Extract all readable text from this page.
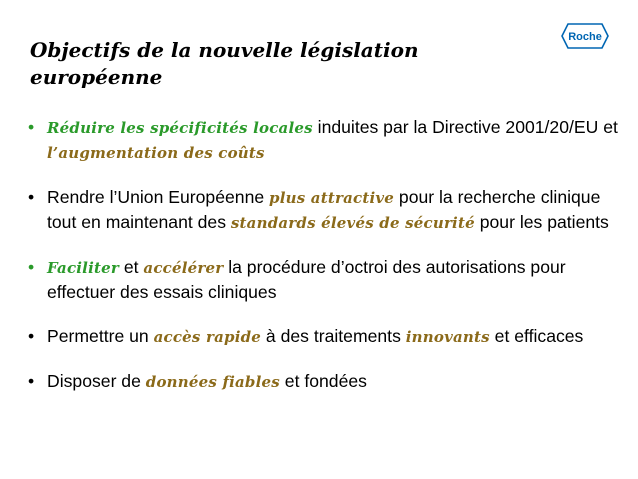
Objectifs de la nouvelle législation européenne
Roche
• Réduire les spécificités locales induites par la Directive 2001/20/EU et l’augmentation des coûts
• Rendre l’Union Européenne plus attractive pour la recherche clinique tout en maintenant des standards élevés de sécurité pour les patients
• Faciliter et accélérer la procédure d’octroi des autorisations pour effectuer des essais cliniques
• Permettre un accès rapide à des traitements innovants et efficaces
• Disposer de données fiables et fondées
